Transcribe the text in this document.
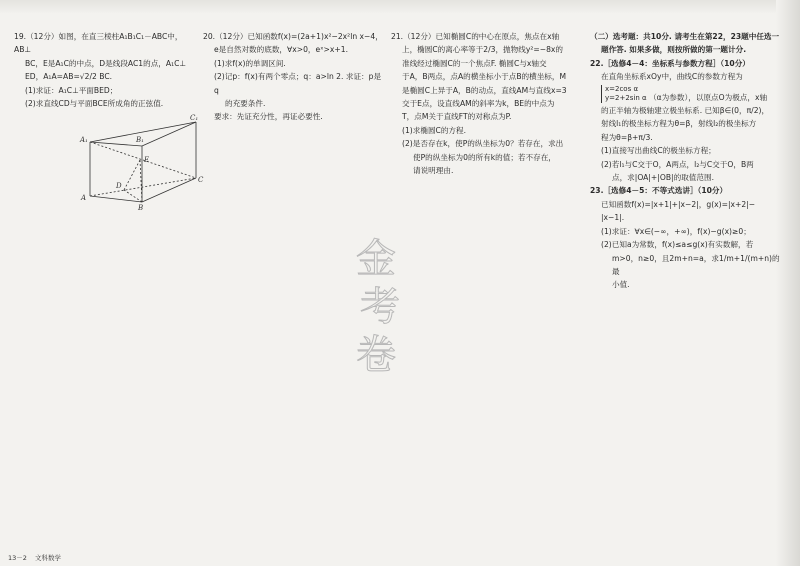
19.（12分）如图，在直三棱柱A₁B₁C₁－ABC中，AB⊥

BC，E是A₁C的中点，D是线段AC1的点，A₁C⊥

ED，A₁A=AB=√2/2 BC.

(1)求证：A₁C⊥平面BED；

(2)求直线CD与平面BCE所成角的正弦值.

A₁	B₁
C₁
E
A
B
C
D

20.（12分）已知函数f(x)=(2a+1)x²−2x²ln x−4，

e是自然对数的底数，∀x>0，eˣ>x+1.

(1)求f(x)的单调区间.

(2)记p：f(x)有两个零点；q：a>ln 2. 求证：p是q

的充要条件.

要求：先证充分性，再证必要性.

21.（12分）已知椭圆C的中心在原点，焦点在x轴

上，椭圆C的离心率等于2/3，抛物线y²=−8x的

准线经过椭圆C的一个焦点F. 椭圆C与x轴交

于A，B两点，点A的横坐标小于点B的横坐标，M

是椭圆C上异于A，B的动点，直线AM与直线x=3

交于E点，设直线AM的斜率为k，BE的中点为

T，点M关于直线FT的对称点为P.

(1)求椭圆C的方程.

(2)是否存在k，使P的纵坐标为0？若存在，求出

使P的纵坐标为0的所有k的值；若不存在，

请说明理由.

（二）选考题：共10分. 请考生在第22，23题中任选一

题作答. 如果多做，则按所做的第一题计分.

22.［选修4－4：坐标系与参数方程］（10分）

在直角坐标系xOy中，曲线C的参数方程为

x=2cos α
y=2+2sin α （α为参数），以原点O为极点，x轴

的正半轴为极轴建立极坐标系. 已知β∈(0，π/2)，

射线l₁的极坐标方程为θ=β，射线l₂的极坐标方

程为θ=β+π/3.

(1)直接写出曲线C的极坐标方程；

(2)若l₁与C交于O，A两点，l₂与C交于O，B两

点，求|OA|+|OB|的取值范围.

23.［选修4－5：不等式选讲］（10分）

已知函数f(x)=|x+1|+|x−2|，g(x)=|x+2|−

|x−1|.

(1)求证：∀x∈(−∞，+∞)，f(x)−g(x)≥0；

(2)已知a为常数，f(x)≤a≤g(x)有实数解，若

m>0，n≥0，且2m+n=a，求1/m+1/(m+n)的最

小值.

金
考
卷
13－2 文科数学
